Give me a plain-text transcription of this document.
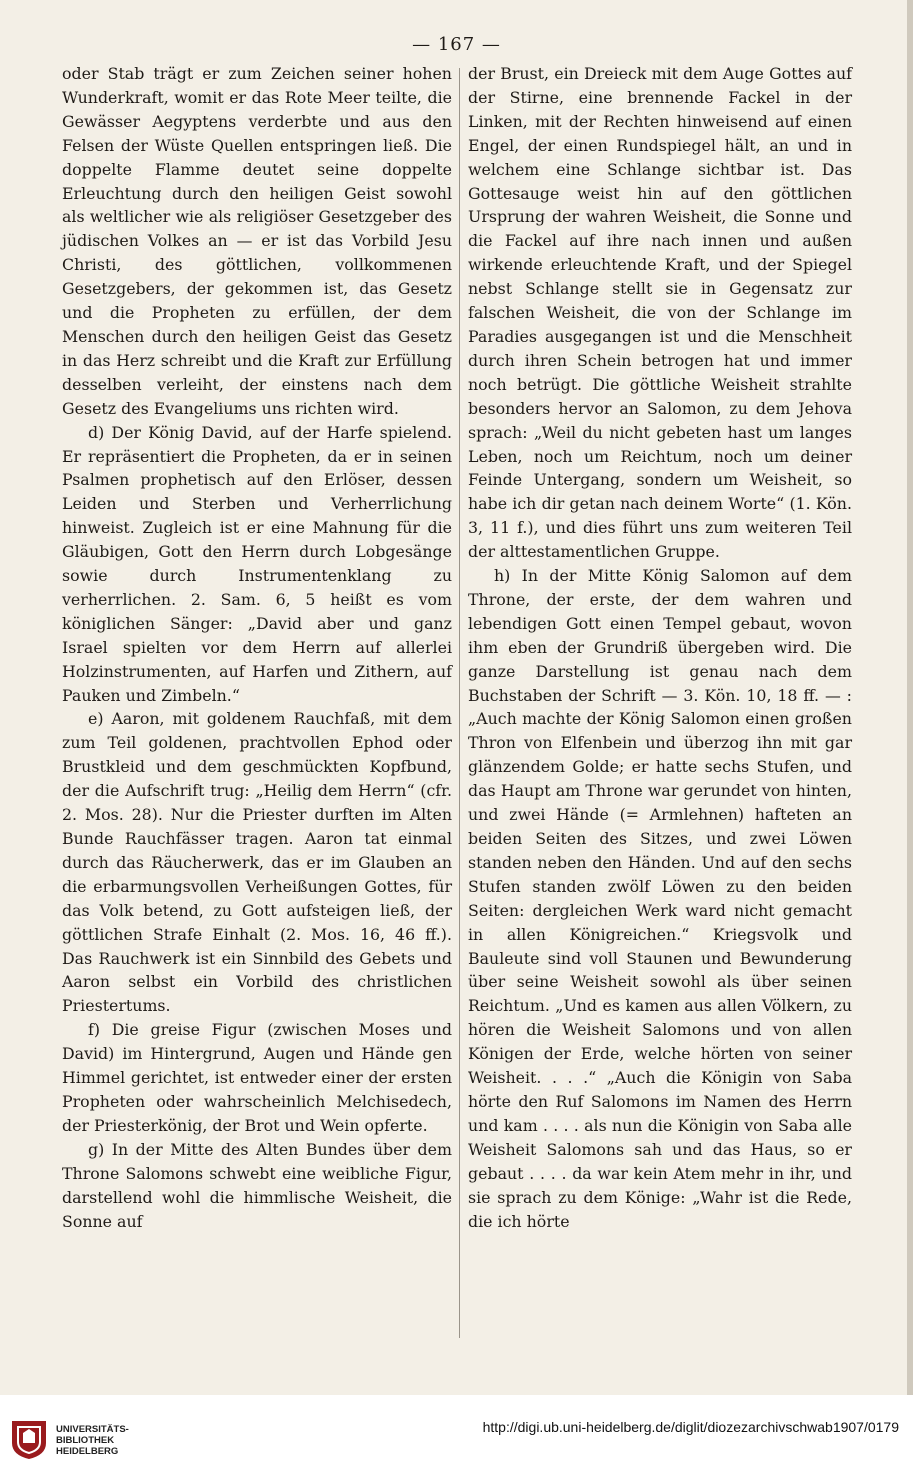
— 167 —

oder Stab trägt er zum Zeichen seiner hohen Wunderkraft, womit er das Rote Meer teilte, die Gewässer Aegyptens verderbte und aus den Felsen der Wüste Quellen entspringen ließ. Die doppelte Flamme deutet seine doppelte Erleuchtung durch den heiligen Geist sowohl als weltlicher wie als religiöser Gesetzgeber des jüdischen Volkes an — er ist das Vorbild Jesu Christi, des göttlichen, vollkommenen Gesetzgebers, der gekommen ist, das Gesetz und die Propheten zu erfüllen, der dem Menschen durch den heiligen Geist das Gesetz in das Herz schreibt und die Kraft zur Erfüllung desselben verleiht, der einstens nach dem Gesetz des Evangeliums uns richten wird.

d) Der König David, auf der Harfe spielend. Er repräsentiert die Propheten, da er in seinen Psalmen prophetisch auf den Erlöser, dessen Leiden und Sterben und Verherrlichung hinweist. Zugleich ist er eine Mahnung für die Gläubigen, Gott den Herrn durch Lobgesänge sowie durch Instrumentenklang zu verherrlichen. 2. Sam. 6, 5 heißt es vom königlichen Sänger: „David aber und ganz Israel spielten vor dem Herrn auf allerlei Holzinstrumenten, auf Harfen und Zithern, auf Pauken und Zimbeln.“

e) Aaron, mit goldenem Rauchfaß, mit dem zum Teil goldenen, prachtvollen Ephod oder Brustkleid und dem geschmückten Kopfbund, der die Aufschrift trug: „Heilig dem Herrn“ (cfr. 2. Mos. 28). Nur die Priester durften im Alten Bunde Rauchfässer tragen. Aaron tat einmal durch das Räucherwerk, das er im Glauben an die erbarmungsvollen Verheißungen Gottes, für das Volk betend, zu Gott aufsteigen ließ, der göttlichen Strafe Einhalt (2. Mos. 16, 46 ff.). Das Rauchwerk ist ein Sinnbild des Gebets und Aaron selbst ein Vorbild des christlichen Priestertums.

f) Die greise Figur (zwischen Moses und David) im Hintergrund, Augen und Hände gen Himmel gerichtet, ist entweder einer der ersten Propheten oder wahrscheinlich Melchisedech, der Priesterkönig, der Brot und Wein opferte.

g) In der Mitte des Alten Bundes über dem Throne Salomons schwebt eine weibliche Figur, darstellend wohl die himmlische Weisheit, die Sonne auf

der Brust, ein Dreieck mit dem Auge Gottes auf der Stirne, eine brennende Fackel in der Linken, mit der Rechten hinweisend auf einen Engel, der einen Rundspiegel hält, an und in welchem eine Schlange sichtbar ist. Das Gottesauge weist hin auf den göttlichen Ursprung der wahren Weisheit, die Sonne und die Fackel auf ihre nach innen und außen wirkende erleuchtende Kraft, und der Spiegel nebst Schlange stellt sie in Gegensatz zur falschen Weisheit, die von der Schlange im Paradies ausgegangen ist und die Menschheit durch ihren Schein betrogen hat und immer noch betrügt. Die göttliche Weisheit strahlte besonders hervor an Salomon, zu dem Jehova sprach: „Weil du nicht gebeten hast um langes Leben, noch um Reichtum, noch um deiner Feinde Untergang, sondern um Weisheit, so habe ich dir getan nach deinem Worte“ (1. Kön. 3, 11 f.), und dies führt uns zum weiteren Teil der alttestamentlichen Gruppe.

h) In der Mitte König Salomon auf dem Throne, der erste, der dem wahren und lebendigen Gott einen Tempel gebaut, wovon ihm eben der Grundriß übergeben wird. Die ganze Darstellung ist genau nach dem Buchstaben der Schrift — 3. Kön. 10, 18 ff. — : „Auch machte der König Salomon einen großen Thron von Elfenbein und überzog ihn mit gar glänzendem Golde; er hatte sechs Stufen, und das Haupt am Throne war gerundet von hinten, und zwei Hände (= Armlehnen) hafteten an beiden Seiten des Sitzes, und zwei Löwen standen neben den Händen. Und auf den sechs Stufen standen zwölf Löwen zu den beiden Seiten: dergleichen Werk ward nicht gemacht in allen Königreichen.“ Kriegsvolk und Bauleute sind voll Staunen und Bewunderung über seine Weisheit sowohl als über seinen Reichtum. „Und es kamen aus allen Völkern, zu hören die Weisheit Salomons und von allen Königen der Erde, welche hörten von seiner Weisheit. . . .“ „Auch die Königin von Saba hörte den Ruf Salomons im Namen des Herrn und kam . . . . als nun die Königin von Saba alle Weisheit Salomons sah und das Haus, so er gebaut . . . . da war kein Atem mehr in ihr, und sie sprach zu dem Könige: „Wahr ist die Rede, die ich hörte

UNIVERSITÄTS-
BIBLIOTHEK
HEIDELBERG
http://digi.ub.uni-heidelberg.de/diglit/diozezarchivschwab1907/0179
